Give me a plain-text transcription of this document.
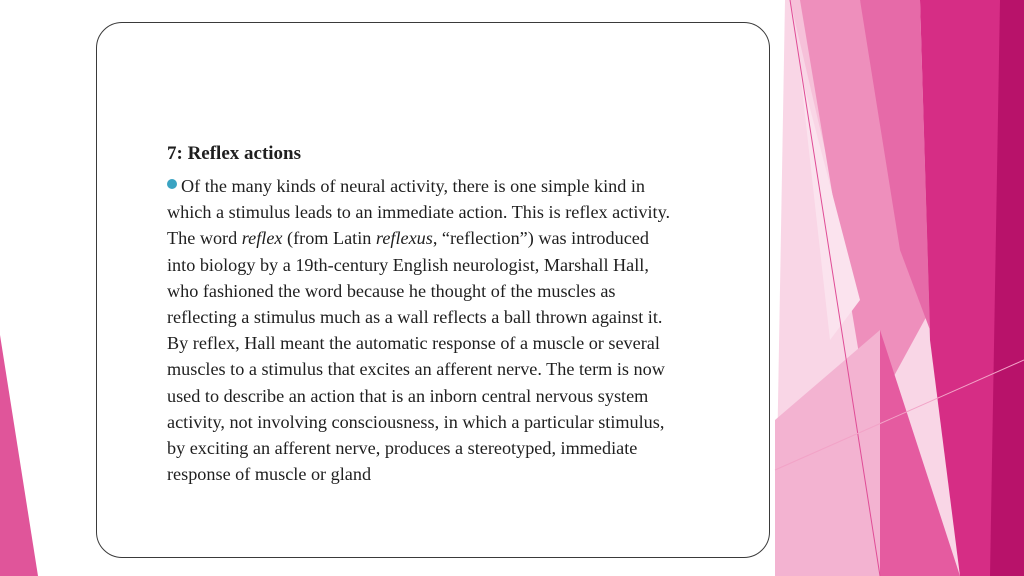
7: Reflex actions
Of the many kinds of neural activity, there is one simple kind in
which a stimulus leads to an immediate action. This is reflex activity.
The word reflex (from Latin reflexus, “reflection”) was introduced
into biology by a 19th-century English neurologist, Marshall Hall,
who fashioned the word because he thought of the muscles as
reflecting a stimulus much as a wall reflects a ball thrown against it.
By reflex, Hall meant the automatic response of a muscle or several
muscles to a stimulus that excites an afferent nerve. The term is now
used to describe an action that is an inborn central nervous system
activity, not involving consciousness, in which a particular stimulus,
by exciting an afferent nerve, produces a stereotyped, immediate
response of muscle or gland
